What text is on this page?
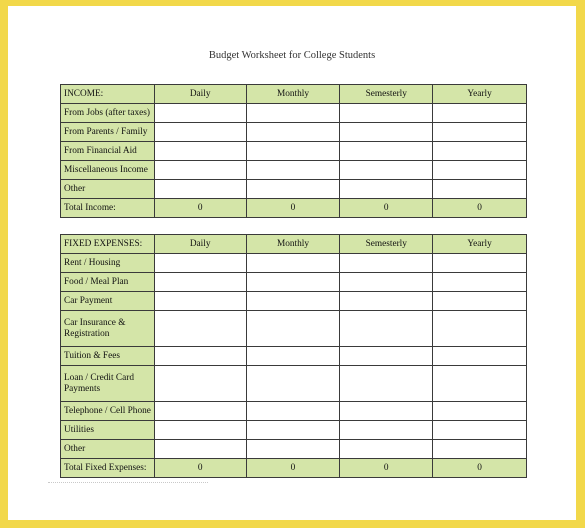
Budget Worksheet for College Students
INCOME:	Daily	Monthly	Semesterly	Yearly
From Jobs (after taxes)				
From Parents / Family				
From Financial Aid				
Miscellaneous Income				
Other				
Total Income:	0	0	0	0
FIXED EXPENSES:	Daily	Monthly	Semesterly	Yearly
Rent / Housing				
Food / Meal Plan				
Car Payment				
Car Insurance & Registration				
Tuition & Fees				
Loan / Credit Card Payments				
Telephone / Cell Phone				
Utilities				
Other				
Total Fixed Expenses:	0	0	0	0
